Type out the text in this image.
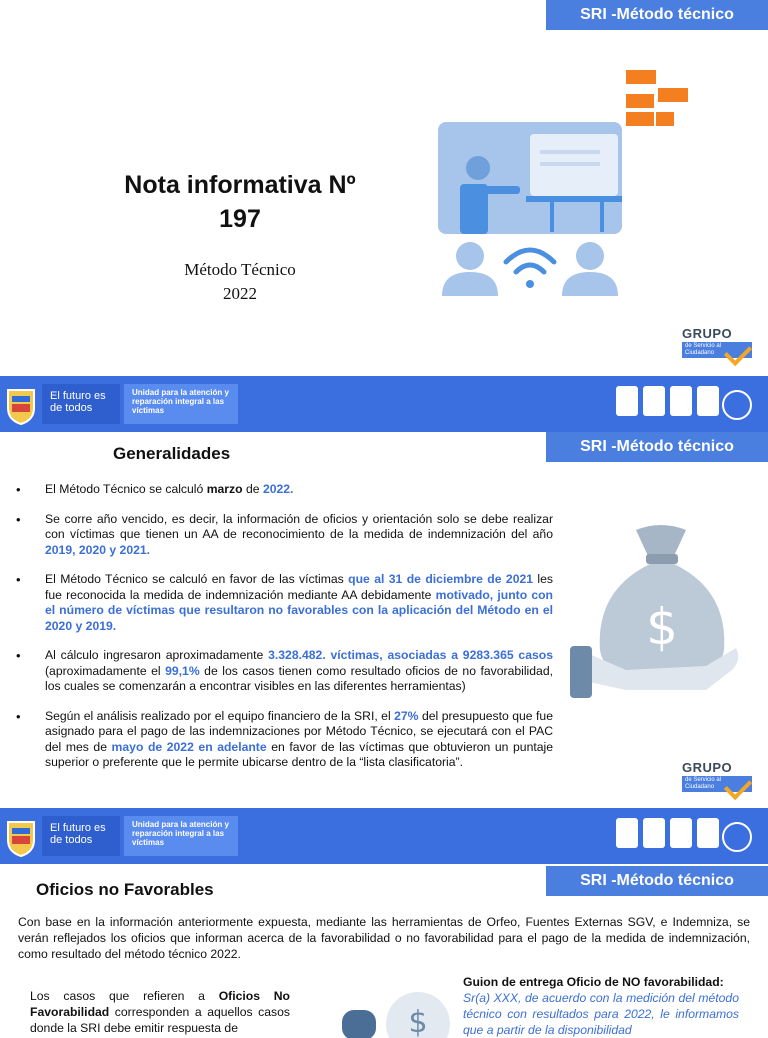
SRI -Método técnico
Nota informativa Nº 197
Método Técnico
2022
GRUPO
de Servicio al Ciudadano
El futuro es de todos
Unidad para la atención y reparación integral a las víctimas
SRI -Método técnico
Generalidades
• El Método Técnico se calculó marzo de 2022.
• Se corre año vencido, es decir, la información de oficios y orientación solo se debe realizar con víctimas que tienen un AA de reconocimiento de la medida de indemnización del año 2019, 2020 y 2021.
• El Método Técnico se calculó en favor de las víctimas que al 31 de diciembre de 2021 les fue reconocida la medida de indemnización mediante AA debidamente motivado, junto con el número de víctimas que resultaron no favorables con la aplicación del Método en el 2020 y 2019.
• Al cálculo ingresaron aproximadamente 3.328.482. víctimas, asociadas a 9283.365 casos (aproximadamente el 99,1% de los casos tienen como resultado oficios de no favorabilidad, los cuales se comenzarán a encontrar visibles en las diferentes herramientas)
• Según el análisis realizado por el equipo financiero de la SRI, el 27% del presupuesto que fue asignado para el pago de las indemnizaciones por Método Técnico, se ejecutará con el PAC del mes de mayo de 2022 en adelante en favor de las víctimas que obtuvieron un puntaje superior o preferente que le permite ubicarse dentro de la “lista clasificatoria”.
$
GRUPO
de Servicio al Ciudadano
El futuro es de todos
Unidad para la atención y reparación integral a las víctimas
SRI -Método técnico
Oficios no Favorables
Con base en la información anteriormente expuesta, mediante las herramientas de Orfeo, Fuentes Externas SGV, e Indemniza, se verán reflejados los oficios que informan acerca de la favorabilidad o no favorabilidad para el pago de la medida de indemnización, como resultado del método técnico 2022.
Los casos que refieren a Oficios No Favorabilidad corresponden a aquellos casos donde la SRI debe emitir respuesta de	$
Guion de entrega Oficio de NO favorabilidad:
Sr(a) XXX, de acuerdo con la medición del método técnico con resultados para 2022, le informamos que a partir de la disponibilidad
